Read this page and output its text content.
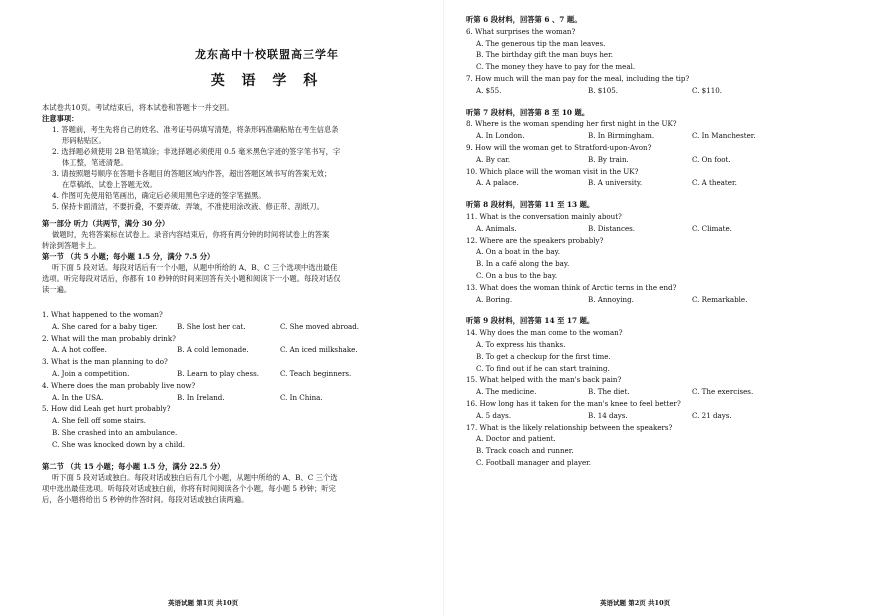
龙东高中十校联盟高三学年
英 语 学 科
本试卷共10页。考试结束后，将本试卷和答题卡一并交回。
注意事项：
1. 答题前，考生先将自己的姓名、准考证号码填写清楚，将条形码准确粘贴在考生信息条
形码粘贴区。
2. 选择题必须使用 2B 铅笔填涂；非选择题必须使用 0.5 毫米黑色字迹的签字笔书写，字
体工整，笔迹清楚。
3. 请按照题号顺序在答题卡各题目的答题区域内作答，超出答题区域书写的答案无效；
在草稿纸、试卷上答题无效。
4. 作图可先使用铅笔画出，确定后必须用黑色字迹的签字笔描黑。
5. 保持卡面清洁，不要折叠，不要弄破、弄皱，不准使用涂改液、修正带、刮纸刀。
第一部分 听力（共两节，满分 30 分）
做题时，先将答案标在试卷上。录音内容结束后，你将有两分钟的时间将试卷上的答案
转涂到答题卡上。
第一节 （共 5 小题；每小题 1.5 分，满分 7.5 分）
听下面 5 段对话。每段对话后有一个小题，从题中所给的 A、B、C 三个选项中选出最佳
选项。听完每段对话后，你都有 10 秒钟的时间来回答有关小题和阅读下一小题。每段对话仅
读一遍。
1. What happened to the woman?
A. She cared for a baby tiger.	B. She lost her cat.	C. She moved abroad.
2. What will the man probably drink?
A. A hot coffee.	B. A cold lemonade.	C. An iced milkshake.
3. What is the man planning to do?
A. Join a competition.	B. Learn to play chess.	C. Teach beginners.
4. Where does the man probably live now?
A. In the USA.	B. In Ireland.	C. In China.
5. How did Leah get hurt probably?
A. She fell off some stairs.
B. She crashed into an ambulance.
C. She was knocked down by a child.
第二节 （共 15 小题；每小题 1.5 分，满分 22.5 分）
听下面 5 段对话或独白。每段对话或独白后有几个小题，从题中所给的 A、B、C 三个选
项中选出最佳选项。听每段对话或独白前，你将有时间阅读各个小题，每小题 5 秒钟；听完
后，各小题将给出 5 秒钟的作答时间。每段对话或独白读两遍。
英语试题 第1页 共10页
听第 6 段材料，回答第 6 、7 题。
6. What surprises the woman?
A. The generous tip the man leaves.
B. The birthday gift the man buys her.
C. The money they have to pay for the meal.
7. How much will the man pay for the meal, including the tip?
A. $55.	B. $105.	C. $110.
听第 7 段材料，回答第 8 至 10 题。
8. Where is the woman spending her first night in the UK?
A. In London.	B. In Birmingham.	C. In Manchester.
9. How will the woman get to Stratford-upon-Avon?
A. By car.	B. By train.	C. On foot.
10. Which place will the woman visit in the UK?
A. A palace.	B. A university.	C. A theater.
听第 8 段材料，回答第 11 至 13 题。
11. What is the conversation mainly about?
A. Animals.	B. Distances.	C. Climate.
12. Where are the speakers probably?
A. On a boat in the bay.
B. In a café along the bay.
C. On a bus to the bay.
13. What does the woman think of Arctic terns in the end?
A. Boring.	B. Annoying.	C. Remarkable.
听第 9 段材料，回答第 14 至 17 题。
14. Why does the man come to the woman?
A. To express his thanks.
B. To get a checkup for the first time.
C. To find out if he can start training.
15. What helped with the man's back pain?
A. The medicine.	B. The diet.	C. The exercises.
16. How long has it taken for the man's knee to feel better?
A. 5 days.	B. 14 days.	C. 21 days.
17. What is the likely relationship between the speakers?
A. Doctor and patient.
B. Track coach and runner.
C. Football manager and player.
英语试题 第2页 共10页
